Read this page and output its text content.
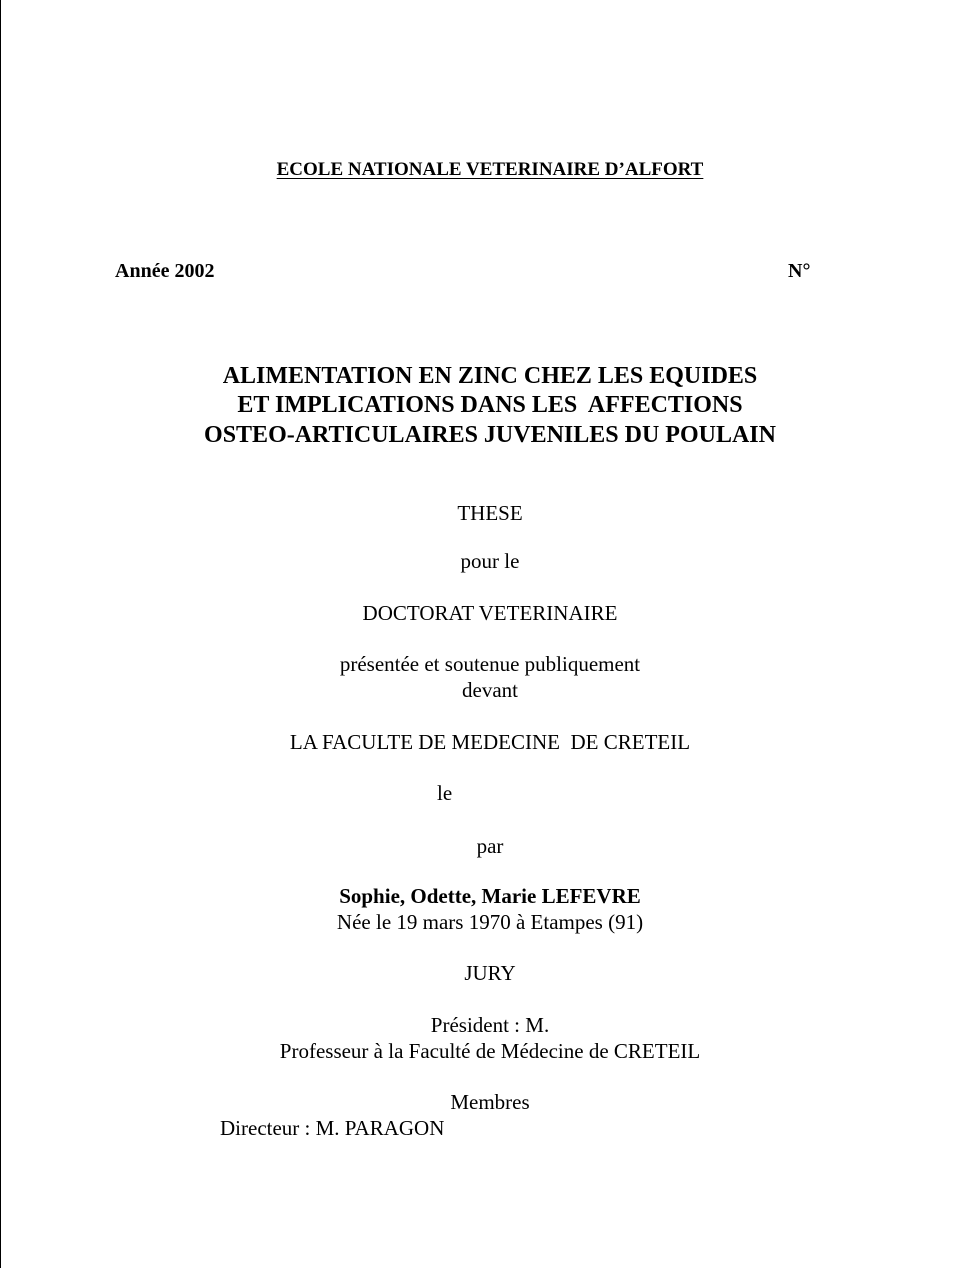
ECOLE NATIONALE VETERINAIRE D’ALFORT
Année 2002	N°
ALIMENTATION EN ZINC CHEZ LES EQUIDES
ET IMPLICATIONS DANS LES  AFFECTIONS
OSTEO-ARTICULAIRES JUVENILES DU POULAIN
THESE
pour le
DOCTORAT VETERINAIRE
présentée et soutenue publiquement
devant
LA FACULTE DE MEDECINE  DE CRETEIL
le
par
Sophie, Odette, Marie LEFEVRE
Née le 19 mars 1970 à Etampes (91)
JURY
Président : M.
Professeur à la Faculté de Médecine de CRETEIL
Membres
Directeur : M. PARAGON
